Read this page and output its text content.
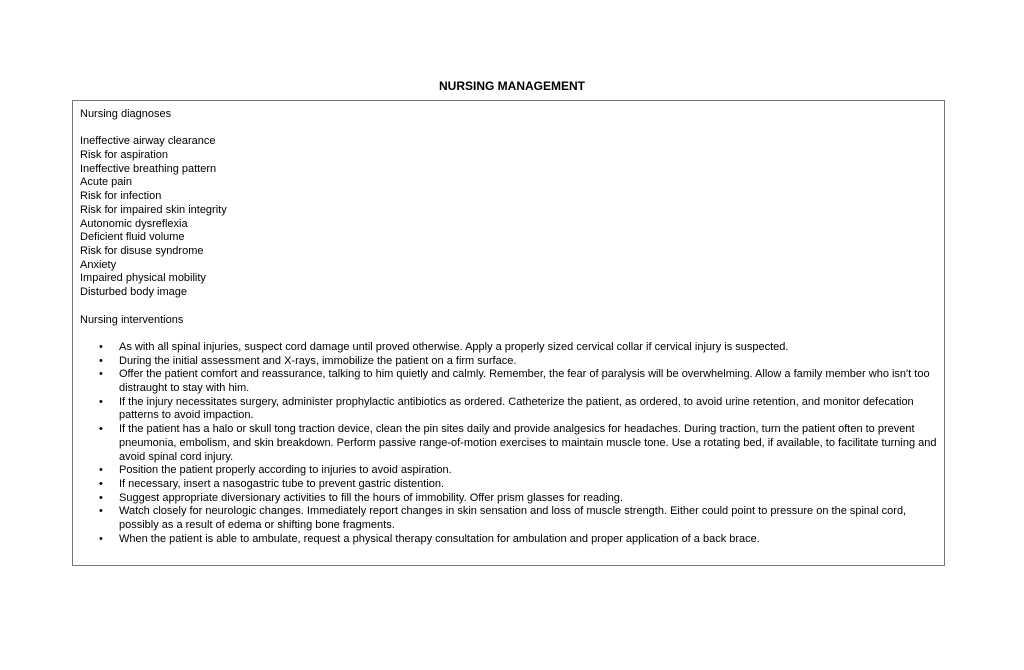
NURSING MANAGEMENT

Nursing diagnoses

Ineffective airway clearance
Risk for aspiration
Ineffective breathing pattern
Acute pain
Risk for infection
Risk for impaired skin integrity
Autonomic dysreflexia
Deficient fluid volume
Risk for disuse syndrome
Anxiety
Impaired physical mobility
Disturbed body image

Nursing interventions

• As with all spinal injuries, suspect cord damage until proved otherwise. Apply a properly sized cervical collar if cervical injury is suspected.
• During the initial assessment and X-rays, immobilize the patient on a firm surface.
• Offer the patient comfort and reassurance, talking to him quietly and calmly. Remember, the fear of paralysis will be overwhelming. Allow a family member who isn't too distraught to stay with him.
• If the injury necessitates surgery, administer prophylactic antibiotics as ordered. Catheterize the patient, as ordered, to avoid urine retention, and monitor defecation patterns to avoid impaction.
• If the patient has a halo or skull tong traction device, clean the pin sites daily and provide analgesics for headaches. During traction, turn the patient often to prevent pneumonia, embolism, and skin breakdown. Perform passive range-of-motion exercises to maintain muscle tone. Use a rotating bed, if available, to facilitate turning and avoid spinal cord injury.
• Position the patient properly according to injuries to avoid aspiration.
• If necessary, insert a nasogastric tube to prevent gastric distention.
• Suggest appropriate diversionary activities to fill the hours of immobility. Offer prism glasses for reading.
• Watch closely for neurologic changes. Immediately report changes in skin sensation and loss of muscle strength. Either could point to pressure on the spinal cord, possibly as a result of edema or shifting bone fragments.
• When the patient is able to ambulate, request a physical therapy consultation for ambulation and proper application of a back brace.
